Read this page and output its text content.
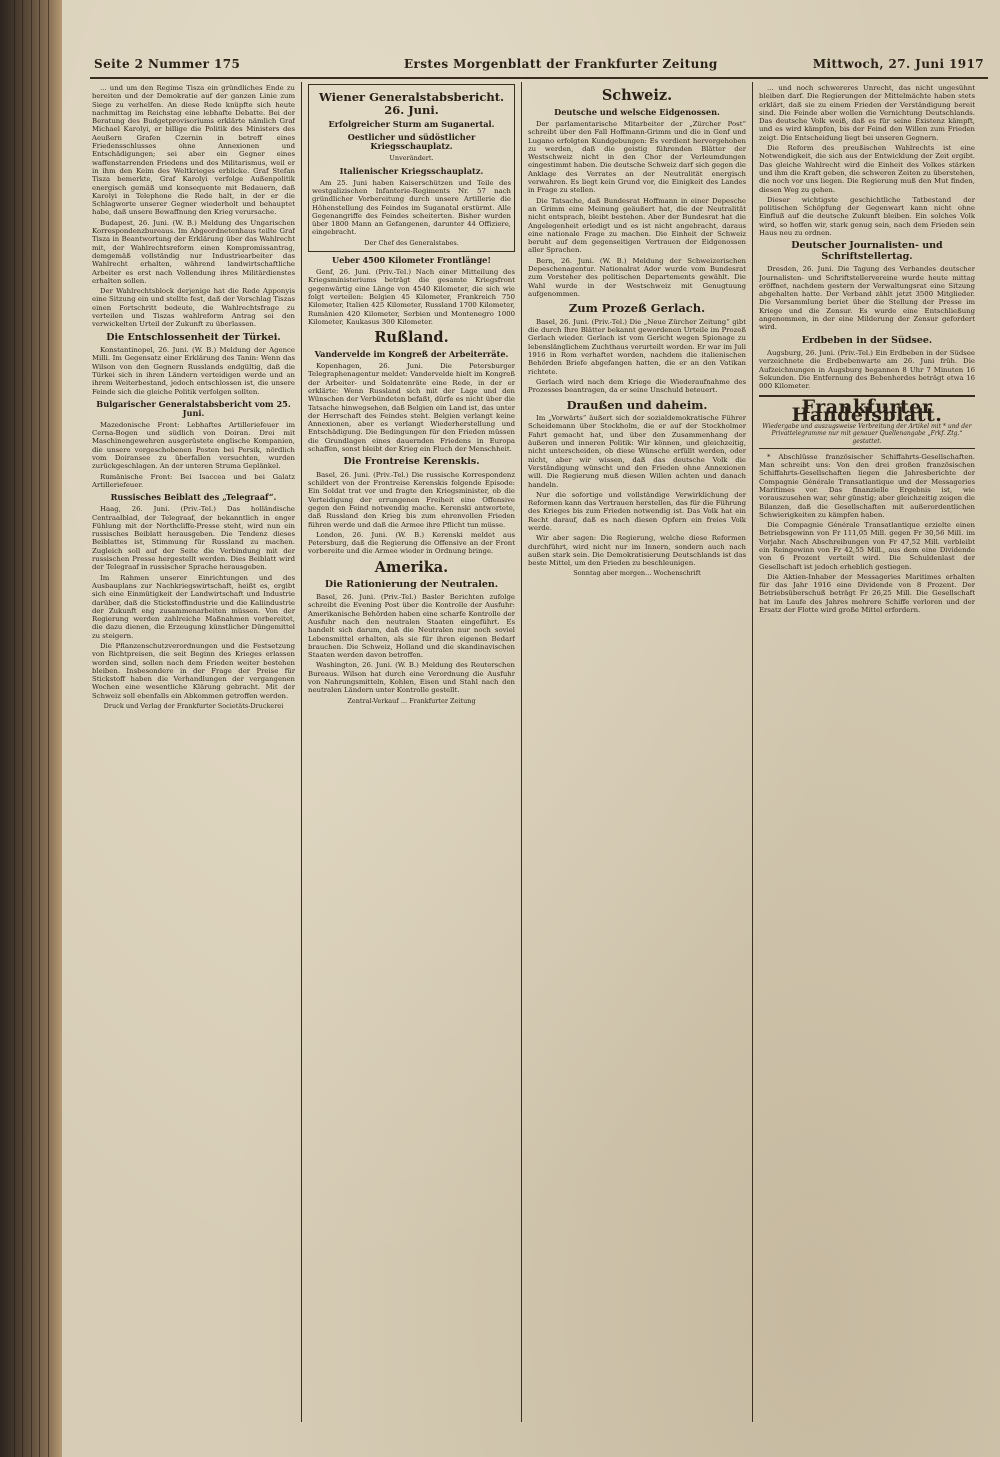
Seite 2 Nummer 175	Erstes Morgenblatt der Frankfurter Zeitung	Mittwoch, 27. Juni 1917

... und um den Regime Tisza ein gründliches Ende zu bereiten und der Demokratie auf der ganzen Linie zum Siege zu verhelfen. An diese Rede knüpfte sich heute nachmittag im Reichstag eine lebhafte Debatte. Bei der Beratung des Budgetprovisoriums erklärte nämlich Graf Michael Karolyi, er billige die Politik des Ministers des Aeußern Grafen Czernin in betreff eines Friedensschlusses ohne Annexionen und Entschädigungen; sei aber ein Gegner eines waffenstarrenden Friedens und des Militarismus, weil er in ihm den Keim des Weltkrieges erblicke. Graf Stefan Tisza bemerkte, Graf Karolyi verfolge Außenpolitik energisch gemäß und konsequente mit Bedauern, daß Karolyi in Telephone die Rede halt, in der er die Schlagworte unserer Gegner wiederholt und behauptet habe, daß unsere Bewaffnung den Krieg verursache.

Budapest, 26. Juni. (W. B.) Meldung des Ungarischen Korrespondenzbureaus. Im Abgeordnetenhaus teilte Graf Tisza in Beantwortung der Erklärung über das Wahlrecht mit, der Wahlrechtsreform einen Kompromissantrag, demgemäß vollständig nur Industriearbeiter das Wahlrecht erhalten, während landwirtschaftliche Arbeiter es erst nach Vollendung ihres Militärdienstes erhalten sollen.

Der Wahlrechtsblock derjenige hat die Rede Apponyis eine Sitzung ein und stellte fest, daß der Vorschlag Tiszas einen Fortschritt bedeute, die Wahlrechtsfrage zu verteilen und Tiszas wahlreform Antrag sei den verwickelten Urteil der Zukunft zu überlassen.

Die Entschlossenheit der Türkei.

Konstantinopel, 26. Juni. (W. B.) Meldung der Agence Milli. Im Gegensatz einer Erklärung des Tanin: Wenn das Wilson von den Gegnern Russlands endgültig, daß die Türkei sich in ihren Ländern verteidigen werde und an ihrem Weiterbestand, jedoch entschlossen ist, die unsere Feinde sich die gleiche Politik verfolgen sollten.

Bulgarischer Generalstabsbericht vom 25. Juni.

Mazedonische Front: Lebhaftes Artilleriefeuer im Cerna-Bogen und südlich von Doiran. Drei mit Maschinengewehren ausgerüstete englische Kompanien, die unsere vorgeschobenen Posten bei Persik, nördlich vom Doiransee zu überfallen versuchten, wurden zurückgeschlagen. An der unteren Struma Geplänkel.

Rumänische Front: Bei Isaccea und bei Galatz Artilleriefeuer.

Russisches Beiblatt des „Telegraaf“.

Haag, 26. Juni. (Priv.-Tel.) Das holländische Centraalblad, der Telegraaf, der bekanntlich in enger Fühlung mit der Northcliffe-Presse steht, wird nun ein russisches Beiblatt herausgeben. Die Tendenz dieses Beiblattes ist, Stimmung für Russland zu machen. Zugleich soll auf der Seite die Verbindung mit der russischen Presse hergestellt werden. Dies Beiblatt wird der Telegraaf in russischer Sprache herausgeben.

Im Rahmen unserer Einrichtungen und des Ausbauplans zur Nachkriegswirtschaft, heißt es, ergibt sich eine Einmütigkeit der Landwirtschaft und Industrie darüber, daß die Stickstoffindustrie und die Kaliindustrie der Zukunft eng zusammenarbeiten müssen. Von der Regierung werden zahlreiche Maßnahmen vorbereitet, die dazu dienen, die Erzeugung künstlicher Düngemittel zu steigern.

Die Pflanzenschutzverordnungen und die Festsetzung von Richtpreisen, die seit Beginn des Krieges erlassen worden sind, sollen nach dem Frieden weiter bestehen bleiben. Insbesondere in der Frage der Preise für Stickstoff haben die Verhandlungen der vergangenen Wochen eine wesentliche Klärung gebracht. Mit der Schweiz soll ebenfalls ein Abkommen getroffen werden.

Druck und Verlag der Frankfurter Societäts-Druckerei
Wiener Generalstabsbericht. 26. Juni.
Erfolgreicher Sturm am Suganertal.
Oestlicher und südöstlicher Kriegsschauplatz.
Unverändert.
Italienischer Kriegsschauplatz.

Am 25. Juni haben Kaiserschützen und Teile des westgalizischen Infanterie-Regiments Nr. 57 nach gründlicher Vorbereitung durch unsere Artillerie die Höhenstellung des Feindes im Suganatal erstürmt. Alle Gegenangriffe des Feindes scheiterten. Bisher wurden über 1800 Mann an Gefangenen, darunter 44 Offiziere, eingebracht.

Der Chef des Generalstabes.
Ueber 4500 Kilometer Frontlänge!

Genf, 26. Juni. (Priv.-Tel.) Nach einer Mitteilung des Kriegsministeriums beträgt die gesamte Kriegsfront gegenwärtig eine Länge von 4540 Kilometer, die sich wie folgt verteilen: Belgien 45 Kilometer, Frankreich 750 Kilometer, Italien 425 Kilometer, Russland 1700 Kilometer, Rumänien 420 Kilometer, Serbien und Montenegro 1000 Kilometer, Kaukasus 300 Kilometer.

Rußland.
Vandervelde im Kongreß der Arbeiterräte.

Kopenhagen, 26. Juni. Die Petersburger Telegraphenagentur meldet: Vandervelde hielt im Kongreß der Arbeiter- und Soldatenräte eine Rede, in der er erklärte: Wenn Russland sich mit der Lage und den Wünschen der Verbündeten befaßt, dürfe es nicht über die Tatsache hinwegsehen, daß Belgien ein Land ist, das unter der Herrschaft des Feindes steht. Belgien verlangt keine Annexionen, aber es verlangt Wiederherstellung und Entschädigung. Die Bedingungen für den Frieden müssen die Grundlagen eines dauernden Friedens in Europa schaffen, sonst bleibt der Krieg ein Fluch der Menschheit.

Die Frontreise Kerenskis.

Basel, 26. Juni. (Priv.-Tel.) Die russische Korrespondenz schildert von der Frontreise Kerenskis folgende Episode: Ein Soldat trat vor und fragte den Kriegsminister, ob die Verteidigung der errungenen Freiheit eine Offensive gegen den Feind notwendig mache. Kerenski antwortete, daß Russland den Krieg bis zum ehrenvollen Frieden führen werde und daß die Armee ihre Pflicht tun müsse.

London, 26. Juni. (W. B.) Kerenski meldet aus Petersburg, daß die Regierung die Offensive an der Front vorbereite und die Armee wieder in Ordnung bringe.

Amerika.
Die Rationierung der Neutralen.

Basel, 26. Juni. (Priv.-Tel.) Basler Berichten zufolge schreibt die Evening Post über die Kontrolle der Ausfuhr: Amerikanische Behörden haben eine scharfe Kontrolle der Ausfuhr nach den neutralen Staaten eingeführt. Es handelt sich darum, daß die Neutralen nur noch soviel Lebensmittel erhalten, als sie für ihren eigenen Bedarf brauchen. Die Schweiz, Holland und die skandinavischen Staaten werden davon betroffen.

Washington, 26. Juni. (W. B.) Meldung des Reuterschen Bureaus. Wilson hat durch eine Verordnung die Ausfuhr von Nahrungsmitteln, Kohlen, Eisen und Stahl nach den neutralen Ländern unter Kontrolle gestellt.

Zentral-Verkauf ... Frankfurter Zeitung
Schweiz.
Deutsche und welsche Eidgenossen.

Der parlamentarische Mitarbeiter der „Zürcher Post“ schreibt über den Fall Hoffmann-Grimm und die in Genf und Lugano erfolgten Kundgebungen: Es verdient hervorgehoben zu werden, daß die geistig führenden Blätter der Westschweiz nicht in den Chor der Verleumdungen eingestimmt haben. Die deutsche Schweiz darf sich gegen die Anklage des Verrates an der Neutralität energisch verwahren. Es liegt kein Grund vor, die Einigkeit des Landes in Frage zu stellen.

Die Tatsache, daß Bundesrat Hoffmann in einer Depesche an Grimm eine Meinung geäußert hat, die der Neutralität nicht entsprach, bleibt bestehen. Aber der Bundesrat hat die Angelegenheit erledigt und es ist nicht angebracht, daraus eine nationale Frage zu machen. Die Einheit der Schweiz beruht auf dem gegenseitigen Vertrauen der Eidgenossen aller Sprachen.

Bern, 26. Juni. (W. B.) Meldung der Schweizerischen Depeschenagentur. Nationalrat Ador wurde vom Bundesrat zum Vorsteher des politischen Departements gewählt. Die Wahl wurde in der Westschweiz mit Genugtuung aufgenommen.

Zum Prozeß Gerlach.

Basel, 26. Juni. (Priv.-Tel.) Die „Neue Zürcher Zeitung“ gibt die durch Ihre Blätter bekannt gewordenen Urteile im Prozeß Gerlach wieder. Gerlach ist vom Gericht wegen Spionage zu lebenslänglichem Zuchthaus verurteilt worden. Er war im Juli 1916 in Rom verhaftet worden, nachdem die italienischen Behörden Briefe abgefangen hatten, die er an den Vatikan richtete.

Gerlach wird nach dem Kriege die Wiederaufnahme des Prozesses beantragen, da er seine Unschuld beteuert.

Draußen und daheim.

Im „Vorwärts“ äußert sich der sozialdemokratische Führer Scheidemann über Stockholm, die er auf der Stockholmer Fahrt gemacht hat, und über den Zusammenhang der äußeren und inneren Politik: Wir können, und gleichzeitig, nicht unterscheiden, ob diese Wünsche erfüllt werden, oder nicht, aber wir wissen, daß das deutsche Volk die Verständigung wünscht und den Frieden ohne Annexionen will. Die Regierung muß diesen Willen achten und danach handeln.

Nur die sofortige und vollständige Verwirklichung der Reformen kann das Vertrauen herstellen, das für die Führung des Krieges bis zum Frieden notwendig ist. Das Volk hat ein Recht darauf, daß es nach diesen Opfern ein freies Volk werde.

Wir aber sagen: Die Regierung, welche diese Reformen durchführt, wird nicht nur im Innern, sondern auch nach außen stark sein. Die Demokratisierung Deutschlands ist das beste Mittel, um den Frieden zu beschleunigen.

Sonntag aber morgen... Wochenschrift

... und noch schwereres Unrecht, das nicht ungesühnt bleiben darf. Die Regierungen der Mittelmächte haben stets erklärt, daß sie zu einem Frieden der Verständigung bereit sind. Die Feinde aber wollen die Vernichtung Deutschlands. Das deutsche Volk weiß, daß es für seine Existenz kämpft, und es wird kämpfen, bis der Feind den Willen zum Frieden zeigt. Die Entscheidung liegt bei unseren Gegnern.

Die Reform des preußischen Wahlrechts ist eine Notwendigkeit, die sich aus der Entwicklung der Zeit ergibt. Das gleiche Wahlrecht wird die Einheit des Volkes stärken und ihm die Kraft geben, die schweren Zeiten zu überstehen, die noch vor uns liegen. Die Regierung muß den Mut finden, diesen Weg zu gehen.

Dieser wichtigste geschichtliche Tatbestand der politischen Schöpfung der Gegenwart kann nicht ohne Einfluß auf die deutsche Zukunft bleiben. Ein solches Volk wird, so hoffen wir, stark genug sein, nach dem Frieden sein Haus neu zu ordnen.

Deutscher Journalisten- und Schriftstellertag.

Dresden, 26. Juni. Die Tagung des Verbandes deutscher Journalisten- und Schriftstellervereine wurde heute mittag eröffnet, nachdem gestern der Verwaltungsrat eine Sitzung abgehalten hatte. Der Verband zählt jetzt 3500 Mitglieder. Die Versammlung beriet über die Stellung der Presse im Kriege und die Zensur. Es wurde eine Entschließung angenommen, in der eine Milderung der Zensur gefordert wird.

Erdbeben in der Südsee.

Augsburg, 26. Juni. (Priv.-Tel.) Ein Erdbeben in der Südsee verzeichnete die Erdbebenwarte am 26. Juni früh. Die Aufzeichnungen in Augsburg begannen 8 Uhr 7 Minuten 16 Sekunden. Die Entfernung des Bebenherdes beträgt etwa 16 000 Kilometer.

Frankfurter Handelsblatt.
Wiedergabe und auszugsweise Verbreitung der Artikel mit * und der Privattelegramme nur mit genauer Quellenangabe „Frkf. Ztg.“ gestattet.

* Abschlüsse französischer Schiffahrts-Gesellschaften. Man schreibt uns: Von den drei großen französischen Schiffahrts-Gesellschaften liegen die Jahresberichte der Compagnie Générale Transatlantique und der Messageries Maritimes vor. Das finanzielle Ergebnis ist, wie vorauszusehen war, sehr günstig; aber gleichzeitig zeigen die Bilanzen, daß die Gesellschaften mit außerordentlichen Schwierigkeiten zu kämpfen haben.

Die Compagnie Générale Transatlantique erzielte einen Betriebsgewinn von Fr 111,05 Mill. gegen Fr 30,56 Mill. im Vorjahr. Nach Abschreibungen von Fr 47,52 Mill. verbleibt ein Reingewinn von Fr 42,55 Mill., aus dem eine Dividende von 6 Prozent verteilt wird. Die Schuldenlast der Gesellschaft ist jedoch erheblich gestiegen.

Die Aktien-Inhaber der Messageries Maritimes erhalten für das Jahr 1916 eine Dividende von 8 Prozent. Der Betriebsüberschuß beträgt Fr 26,25 Mill. Die Gesellschaft hat im Laufe des Jahres mehrere Schiffe verloren und der Ersatz der Flotte wird große Mittel erfordern.
